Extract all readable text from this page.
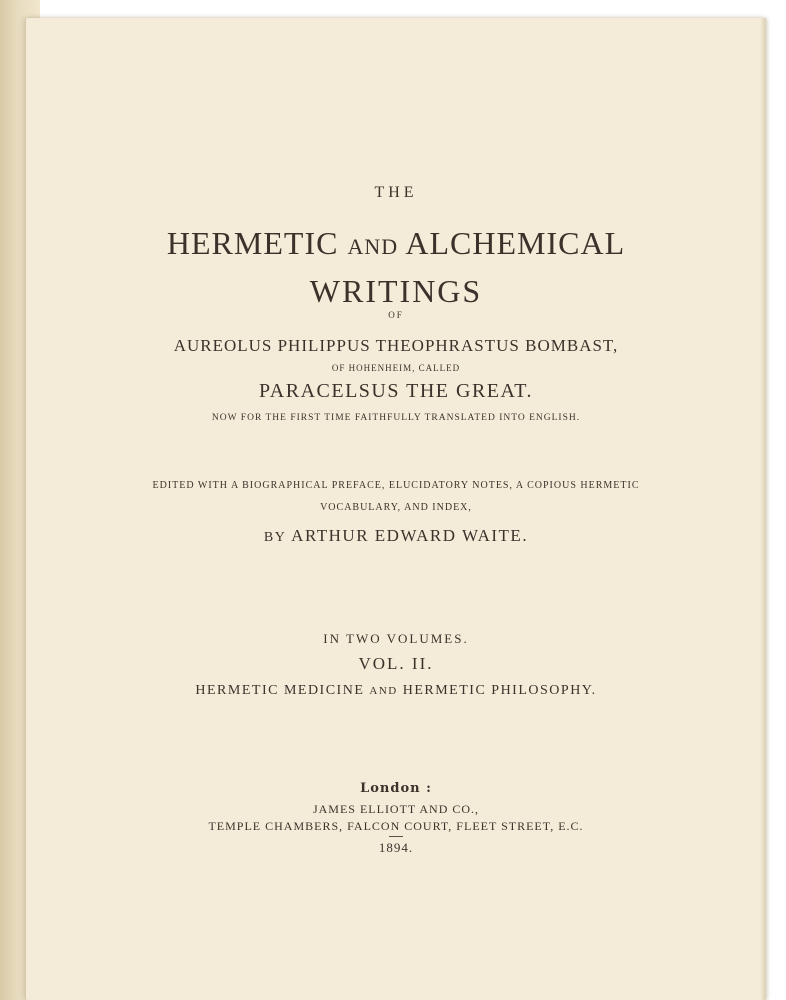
THE
HERMETIC AND ALCHEMICAL
WRITINGS
OF
AUREOLUS PHILIPPUS THEOPHRASTUS BOMBAST,
OF HOHENHEIM, CALLED
PARACELSUS THE GREAT.
NOW FOR THE FIRST TIME FAITHFULLY TRANSLATED INTO ENGLISH.
EDITED WITH A BIOGRAPHICAL PREFACE, ELUCIDATORY NOTES, A COPIOUS HERMETIC
VOCABULARY, AND INDEX,
BY ARTHUR EDWARD WAITE.
IN TWO VOLUMES.
VOL. II.
HERMETIC MEDICINE AND HERMETIC PHILOSOPHY.
London :
JAMES ELLIOTT AND CO.,
TEMPLE CHAMBERS, FALCON COURT, FLEET STREET, E.C.
1894.
